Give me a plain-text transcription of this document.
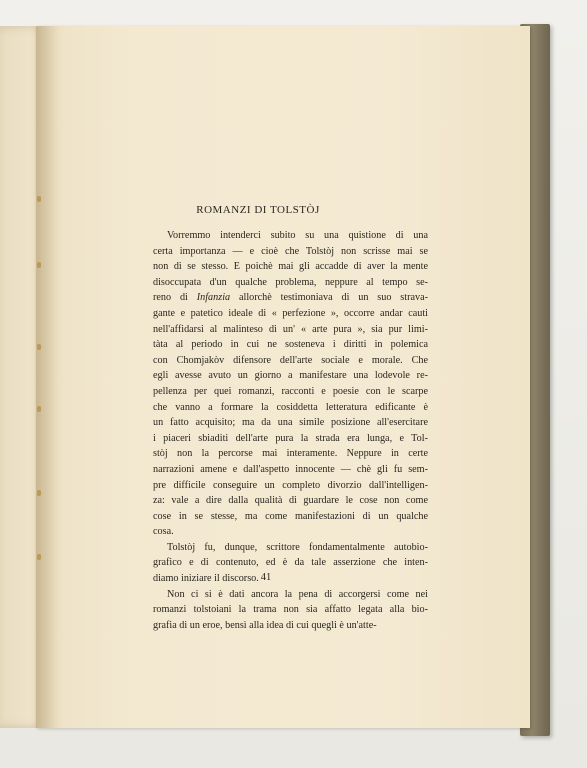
ROMANZI DI TOLSTÒJ

Vorremmo intenderci subito su una quistione di una
certa importanza — e cioè che Tolstòj non scrisse mai se
non di se stesso. E poichè mai gli accadde di aver la mente
disoccupata d'un qualche problema, neppure al tempo se-
reno di Infanzia allorchè testimoniava di un suo strava-
gante e patetico ideale di « perfezione », occorre andar cauti
nell'affidarsi al malinteso di un' « arte pura », sia pur limi-
tàta al periodo in cui ne sosteneva i diritti in polemica
con Chomjakòv difensore dell'arte sociale e morale. Che
egli avesse avuto un giorno a manifestare una lodevole re-
pellenza per quei romanzi, racconti e poesie con le scarpe
che vanno a formare la cosiddetta letteratura edificante è
un fatto acquisito; ma da una simile posizione all'esercitare
i piaceri sbiaditi dell'arte pura la strada era lunga, e Tol-
stòj non la percorse mai interamente. Neppure in certe
narrazioni amene e dall'aspetto innocente — chè gli fu sem-
pre difficile conseguire un completo divorzio dall'intelligen-
za: vale a dire dalla qualità di guardare le cose non come
cose in se stesse, ma come manifestazioni di un qualche
cosa.

Tolstòj fu, dunque, scrittore fondamentalmente autobio-
grafico e di contenuto, ed è da tale asserzione che inten-
diamo iniziare il discorso.

Non ci si è dati ancora la pena di accorgersi come nei
romanzi tolstoiani la trama non sia affatto legata alla bio-
grafia di un eroe, bensì alla idea di cui quegli è un'atte-

41
